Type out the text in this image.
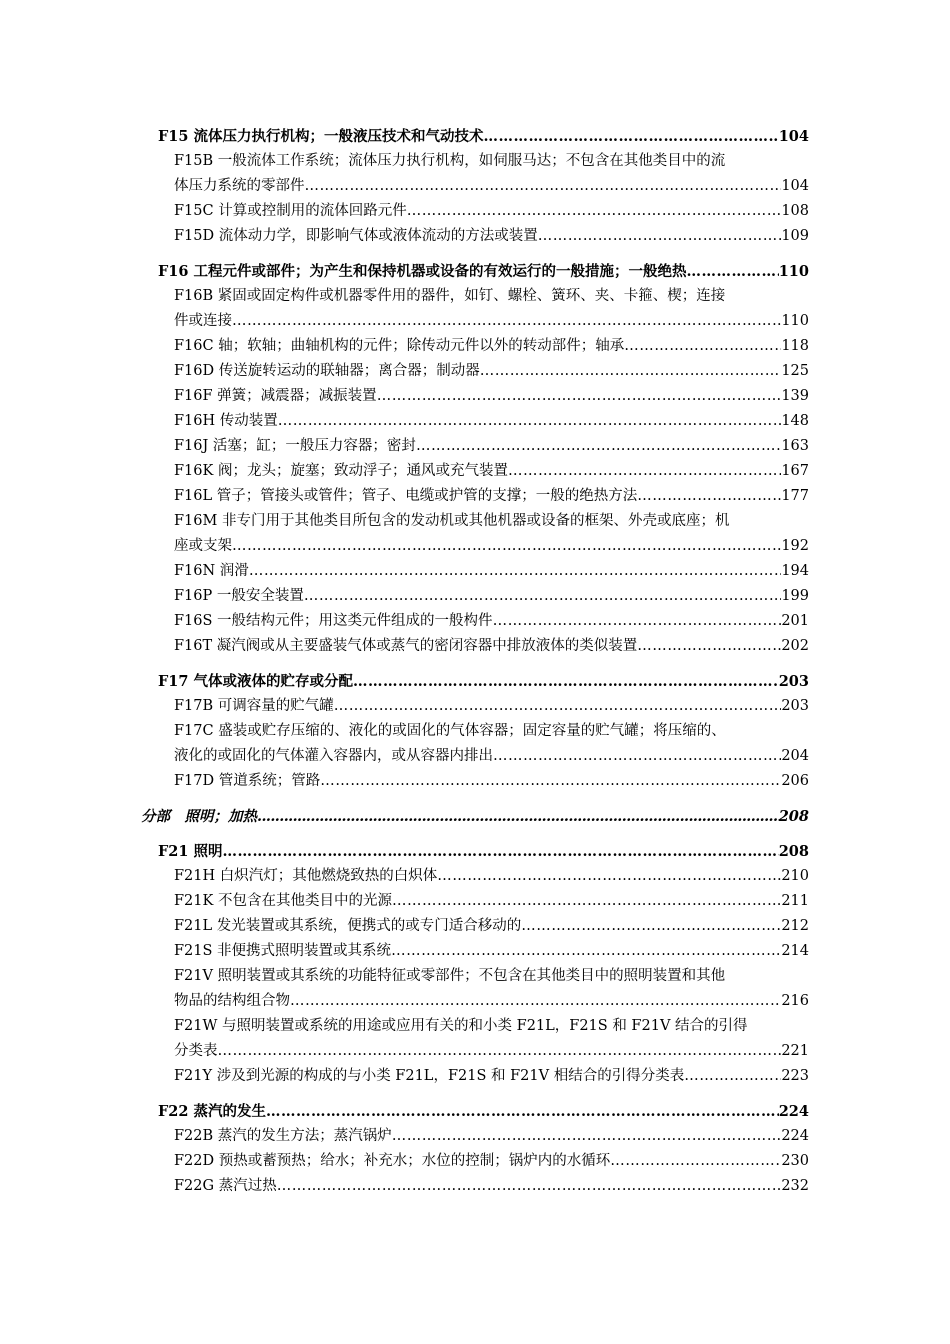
F15 流体压力执行机构；一般液压技术和气动技术 …………………………………………………………………………………………………………………………………………………………………………………………………………………………	104
F15B 一般流体工作系统；流体压力执行机构，如伺服马达；不包含在其他类目中的流
体压力系统的零部件 …………………………………………………………………………………………………………………………………………………………………………………………………………………………	104
F15C 计算或控制用的流体回路元件 …………………………………………………………………………………………………………………………………………………………………………………………………………………………	108
F15D 流体动力学，即影响气体或液体流动的方法或装置 …………………………………………………………………………………………………………………………………………………………………………………………………………………………	109
F16 工程元件或部件；为产生和保持机器或设备的有效运行的一般措施；一般绝热 …………………………………………………………………………………………………………………………………………………………………………………………………………………………	110
F16B 紧固或固定构件或机器零件用的器件，如钉、螺栓、簧环、夹、卡箍、楔；连接
件或连接 …………………………………………………………………………………………………………………………………………………………………………………………………………………………	110
F16C 轴；软轴；曲轴机构的元件；除传动元件以外的转动部件；轴承 …………………………………………………………………………………………………………………………………………………………………………………………………………………………	118
F16D 传送旋转运动的联轴器；离合器；制动器 …………………………………………………………………………………………………………………………………………………………………………………………………………………………	125
F16F 弹簧；减震器；减振装置 …………………………………………………………………………………………………………………………………………………………………………………………………………………………	139
F16H 传动装置 …………………………………………………………………………………………………………………………………………………………………………………………………………………………	148
F16J 活塞；缸；一般压力容器；密封 …………………………………………………………………………………………………………………………………………………………………………………………………………………………	163
F16K 阀；龙头；旋塞；致动浮子；通风或充气装置 …………………………………………………………………………………………………………………………………………………………………………………………………………………………	167
F16L 管子；管接头或管件；管子、电缆或护管的支撑；一般的绝热方法 …………………………………………………………………………………………………………………………………………………………………………………………………………………………	177
F16M 非专门用于其他类目所包含的发动机或其他机器或设备的框架、外壳或底座；机
座或支架 …………………………………………………………………………………………………………………………………………………………………………………………………………………………	192
F16N 润滑 …………………………………………………………………………………………………………………………………………………………………………………………………………………………	194
F16P 一般安全装置 …………………………………………………………………………………………………………………………………………………………………………………………………………………………	199
F16S 一般结构元件；用这类元件组成的一般构件 …………………………………………………………………………………………………………………………………………………………………………………………………………………………	201
F16T 凝汽阀或从主要盛装气体或蒸气的密闭容器中排放液体的类似装置 …………………………………………………………………………………………………………………………………………………………………………………………………………………………	202
F17 气体或液体的贮存或分配 …………………………………………………………………………………………………………………………………………………………………………………………………………………………	203
F17B 可调容量的贮气罐 …………………………………………………………………………………………………………………………………………………………………………………………………………………………	203
F17C 盛装或贮存压缩的、液化的或固化的气体容器；固定容量的贮气罐；将压缩的、
液化的或固化的气体灌入容器内，或从容器内排出 …………………………………………………………………………………………………………………………………………………………………………………………………………………………	204
F17D 管道系统；管路 …………………………………………………………………………………………………………………………………………………………………………………………………………………………	206
分部　照明；加热 .....	208
F21 照明 …………………………………………………………………………………………………………………………………………………………………………………………………………………………	208
F21H 白炽汽灯；其他燃烧致热的白炽体 …………………………………………………………………………………………………………………………………………………………………………………………………………………………	210
F21K 不包含在其他类目中的光源 …………………………………………………………………………………………………………………………………………………………………………………………………………………………	211
F21L 发光装置或其系统，便携式的或专门适合移动的 …………………………………………………………………………………………………………………………………………………………………………………………………………………………	212
F21S 非便携式照明装置或其系统 …………………………………………………………………………………………………………………………………………………………………………………………………………………………	214
F21V 照明装置或其系统的功能特征或零部件；不包含在其他类目中的照明装置和其他
物品的结构组合物 …………………………………………………………………………………………………………………………………………………………………………………………………………………………	216
F21W 与照明装置或系统的用途或应用有关的和小类 F21L，F21S 和 F21V 结合的引得
分类表 …………………………………………………………………………………………………………………………………………………………………………………………………………………………	221
F21Y 涉及到光源的构成的与小类 F21L，F21S 和 F21V 相结合的引得分类表 …………………………………………………………………………………………………………………………………………………………………………………………………………………………	223
F22 蒸汽的发生 …………………………………………………………………………………………………………………………………………………………………………………………………………………………	224
F22B 蒸汽的发生方法；蒸汽锅炉 …………………………………………………………………………………………………………………………………………………………………………………………………………………………	224
F22D 预热或蓄预热；给水；补充水；水位的控制；锅炉内的水循环 …………………………………………………………………………………………………………………………………………………………………………………………………………………………	230
F22G 蒸汽过热 …………………………………………………………………………………………………………………………………………………………………………………………………………………………	232
